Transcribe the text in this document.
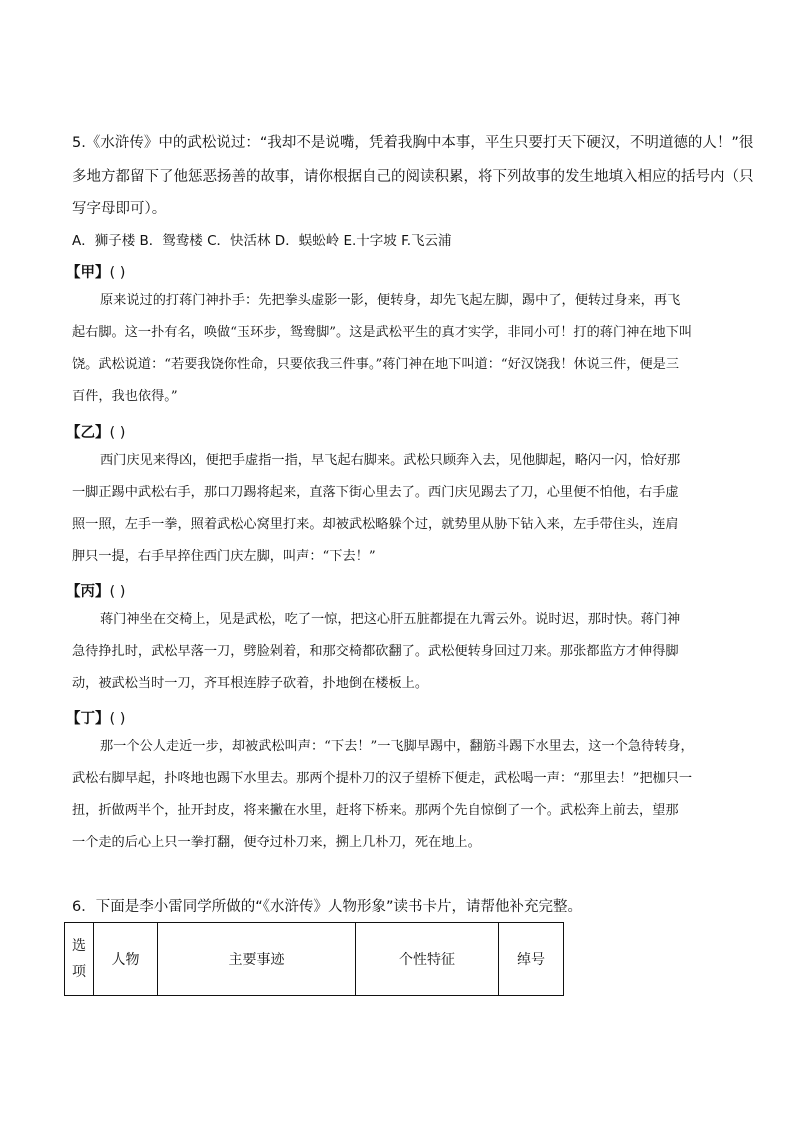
5.《水浒传》中的武松说过：“我却不是说嘴，凭着我胸中本事，平生只要打天下硬汉，不明道德的人！”很
多地方都留下了他惩恶扬善的故事，请你根据自己的阅读积累，将下列故事的发生地填入相应的括号内（只
写字母即可）。
A．狮子楼 B．鸳鸯楼 C．快活林 D．蜈蚣岭 E.十字坡 F.飞云浦
【甲】( )
原来说过的打蒋门神扑手：先把拳头虚影一影，便转身，却先飞起左脚，踢中了，便转过身来，再飞
起右脚。这一扑有名，唤做“玉环步，鸳鸯脚”。这是武松平生的真才实学，非同小可！打的蒋门神在地下叫
饶。武松说道：“若要我饶你性命，只要依我三件事。”蒋门神在地下叫道：“好汉饶我！休说三件，便是三
百件，我也依得。”
【乙】( )
西门庆见来得凶，便把手虚指一指，早飞起右脚来。武松只顾奔入去，见他脚起，略闪一闪，恰好那
一脚正踢中武松右手，那口刀踢将起来，直落下街心里去了。西门庆见踢去了刀，心里便不怕他，右手虚
照一照，左手一拳，照着武松心窝里打来。却被武松略躲个过，就势里从胁下钻入来，左手带住头，连肩
胛只一提，右手早捽住西门庆左脚，叫声：“下去！”
【丙】( )
蒋门神坐在交椅上，见是武松，吃了一惊，把这心肝五脏都提在九霄云外。说时迟，那时快。蒋门神
急待挣扎时，武松早落一刀，劈脸剁着，和那交椅都砍翻了。武松便转身回过刀来。那张都监方才伸得脚
动，被武松当时一刀，齐耳根连脖子砍着，扑地倒在楼板上。
【丁】( )
那一个公人走近一步，却被武松叫声：“下去！”一飞脚早踢中，翻筋斗踢下水里去，这一个急待转身，
武松右脚早起，扑咚地也踢下水里去。那两个提朴刀的汉子望桥下便走，武松喝一声：“那里去！”把枷只一
扭，折做两半个，扯开封皮，将来撇在水里，赶将下桥来。那两个先自惊倒了一个。武松奔上前去，望那
一个走的后心上只一拳打翻，便夺过朴刀来，搠上几朴刀，死在地上。
6．下面是李小雷同学所做的“《水浒传》人物形象”读书卡片，请帮他补充完整。
选
项
	人物	主要事迹	个性特征	绰号
